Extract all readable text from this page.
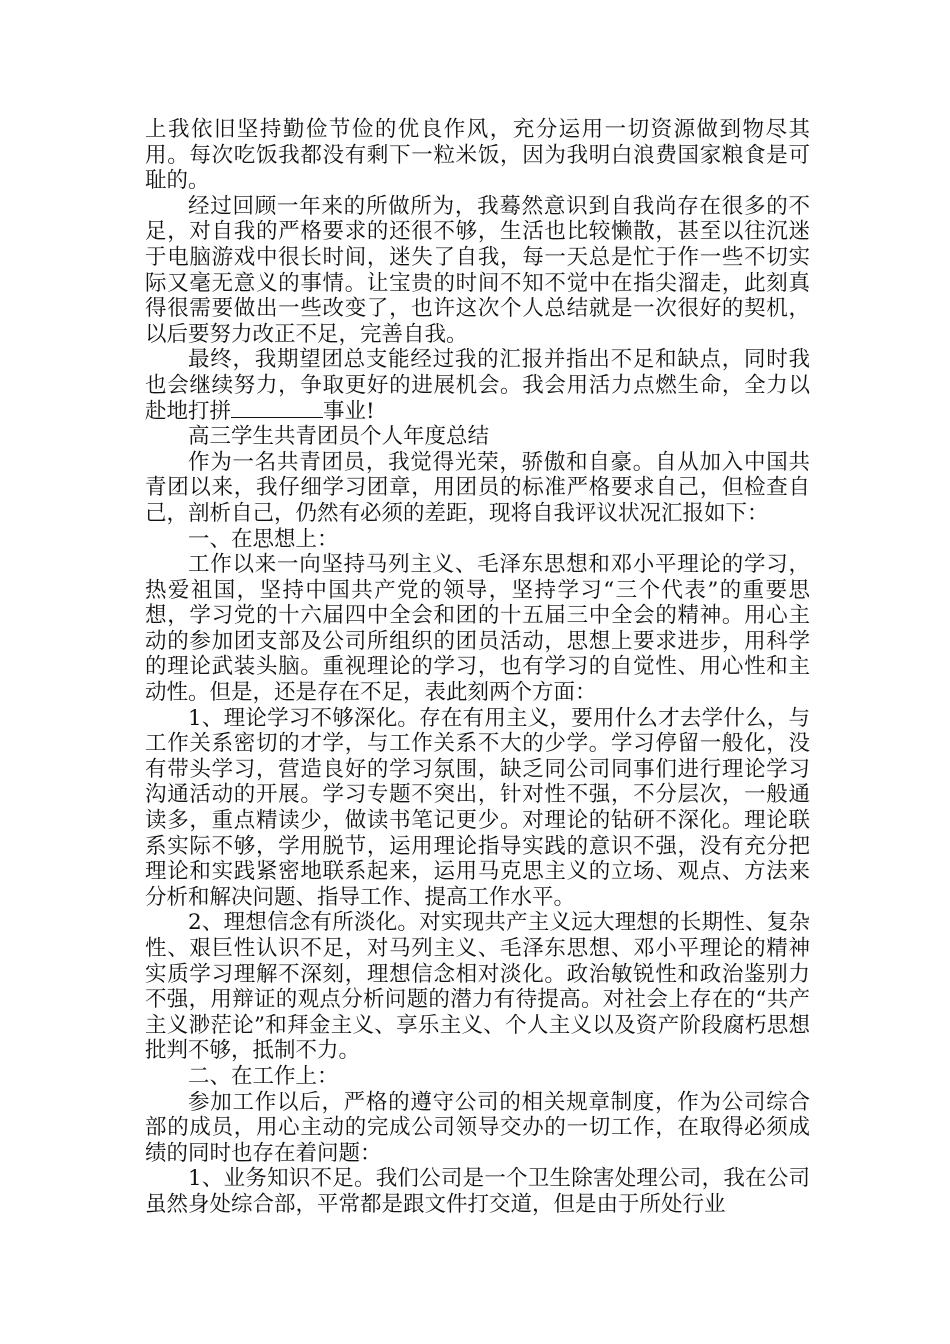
上我依旧坚持勤俭节俭的优良作风，充分运用一切资源做到物尽其用。每次吃饭我都没有剩下一粒米饭，因为我明白浪费国家粮食是可耻的。

经过回顾一年来的所做所为，我蓦然意识到自我尚存在很多的不足，对自我的严格要求的还很不够，生活也比较懒散，甚至以往沉迷于电脑游戏中很长时间，迷失了自我，每一天总是忙于作一些不切实际又毫无意义的事情。让宝贵的时间不知不觉中在指尖溜走，此刻真得很需要做出一些改变了，也许这次个人总结就是一次很好的契机，以后要努力改正不足，完善自我。

最终，我期望团总支能经过我的汇报并指出不足和缺点，同时我也会继续努力，争取更好的进展机会。我会用活力点燃生命，全力以赴地打拼	事业!

高三学生共青团员个人年度总结

作为一名共青团员，我觉得光荣，骄傲和自豪。自从加入中国共青团以来，我仔细学习团章，用团员的标准严格要求自己，但检查自己，剖析自己，仍然有必须的差距，现将自我评议状况汇报如下：

一、在思想上：

工作以来一向坚持马列主义、毛泽东思想和邓小平理论的学习，热爱祖国，坚持中国共产党的领导，坚持学习“三个代表”的重要思想，学习党的十六届四中全会和团的十五届三中全会的精神。用心主动的参加团支部及公司所组织的团员活动，思想上要求进步，用科学的理论武装头脑。重视理论的学习，也有学习的自觉性、用心性和主动性。但是，还是存在不足，表此刻两个方面：

1、理论学习不够深化。存在有用主义，要用什么才去学什么，与工作关系密切的才学，与工作关系不大的少学。学习停留一般化，没有带头学习，营造良好的学习氛围，缺乏同公司同事们进行理论学习沟通活动的开展。学习专题不突出，针对性不强，不分层次，一般通读多，重点精读少，做读书笔记更少。对理论的钻研不深化。理论联系实际不够，学用脱节，运用理论指导实践的意识不强，没有充分把理论和实践紧密地联系起来，运用马克思主义的立场、观点、方法来分析和解决问题、指导工作、提高工作水平。

2、理想信念有所淡化。对实现共产主义远大理想的长期性、复杂性、艰巨性认识不足，对马列主义、毛泽东思想、邓小平理论的精神实质学习理解不深刻，理想信念相对淡化。政治敏锐性和政治鉴别力不强，用辩证的观点分析问题的潜力有待提高。对社会上存在的“共产主义渺茫论”和拜金主义、享乐主义、个人主义以及资产阶段腐朽思想批判不够，抵制不力。

二、在工作上：

参加工作以后，严格的遵守公司的相关规章制度，作为公司综合部的成员，用心主动的完成公司领导交办的一切工作，在取得必须成绩的同时也存在着问题：

1、业务知识不足。我们公司是一个卫生除害处理公司，我在公司虽然身处综合部，平常都是跟文件打交道，但是由于所处行业
